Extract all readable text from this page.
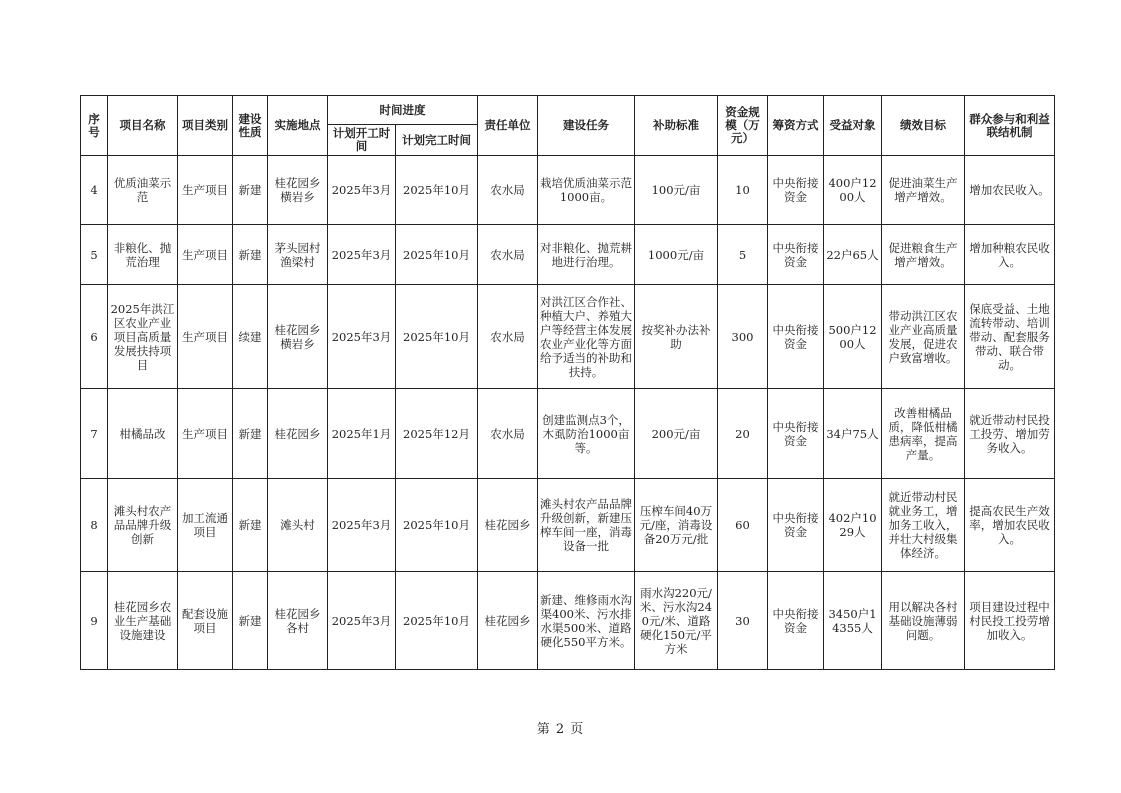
序号	项目名称	项目类别	建设性质	实施地点	时间进度		责任单位	建设任务	补助标准	资金规模（万元）	筹资方式	受益对象	绩效目标	群众参与和利益联结机制
					计划开工时间	计划完工时间								
4	优质油菜示范	生产项目	新建	桂花园乡横岩乡	2025年3月	2025年10月	农水局	栽培优质油菜示范1000亩。	100元/亩	10	中央衔接资金	400户1200人	促进油菜生产增产增效。	增加农民收入。
5	非粮化、抛荒治理	生产项目	新建	茅头园村渔梁村	2025年3月	2025年10月	农水局	对非粮化、抛荒耕地进行治理。	1000元/亩	5	中央衔接资金	22户65人	促进粮食生产增产增效。	增加种粮农民收入。
6	2025年洪江区农业产业项目高质量发展扶持项目	生产项目	续建	桂花园乡横岩乡	2025年3月	2025年10月	农水局	对洪江区合作社、种植大户、养殖大户等经营主体发展农业产业化等方面给予适当的补助和扶持。	按奖补办法补助	300	中央衔接资金	500户1200人	带动洪江区农业产业高质量发展，促进农户致富增收。	保底受益、土地流转带动、培训带动、配套服务带动、联合带动。
7	柑橘品改	生产项目	新建	桂花园乡	2025年1月	2025年12月	农水局	创建监测点3个，木虱防治1000亩等。	200元/亩	20	中央衔接资金	34户75人	改善柑橘品质，降低柑橘患病率，提高产量。	就近带动村民投工投劳、增加劳务收入。
8	滩头村农产品品牌升级创新	加工流通项目	新建	滩头村	2025年3月	2025年10月	桂花园乡	滩头村农产品品牌升级创新，新建压榨车间一座，消毒设备一批	压榨车间40万元/座，消毒设备20万元/批	60	中央衔接资金	402户1029人	就近带动村民就业务工，增加务工收入，并壮大村级集体经济。	提高农民生产效率，增加农民收入。
9	桂花园乡农业生产基础设施建设	配套设施项目	新建	桂花园乡各村	2025年3月	2025年10月	桂花园乡	新建、维修雨水沟渠400米、污水排水渠500米、道路硬化550平方米。	雨水沟220元/米、污水沟240元/米、道路硬化150元/平方米	30	中央衔接资金	3450户14355人	用以解决各村基础设施薄弱问题。	项目建设过程中村民投工投劳增加收入。
第 2 页
